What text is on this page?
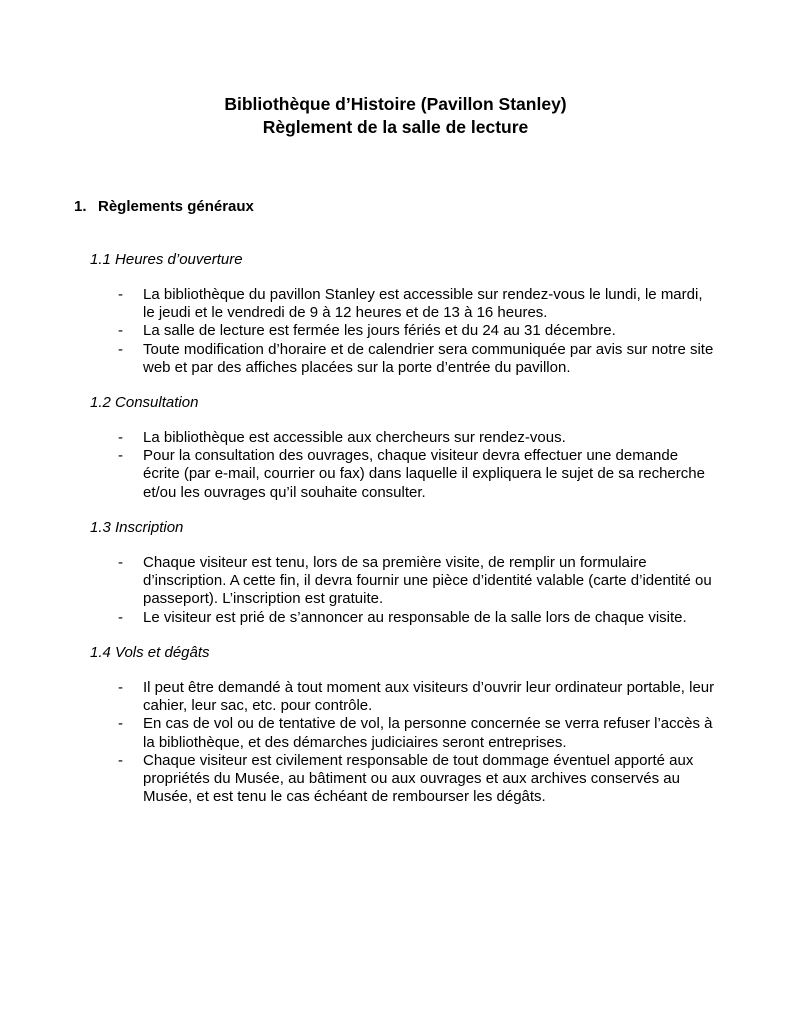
Bibliothèque d’Histoire (Pavillon Stanley)
Règlement de la salle de lecture
1. Règlements généraux
1.1 Heures d’ouverture
- La bibliothèque du pavillon Stanley est accessible sur rendez-vous le lundi, le mardi, le jeudi et le vendredi de 9 à 12 heures et de 13 à 16 heures.
- La salle de lecture est fermée les jours fériés et du 24 au 31 décembre.
- Toute modification d’horaire et de calendrier sera communiquée par avis sur notre site web et par des affiches placées sur la porte d’entrée du pavillon.
1.2 Consultation
- La bibliothèque est accessible aux chercheurs sur rendez-vous.
- Pour la consultation des ouvrages, chaque visiteur devra effectuer une demande écrite (par e-mail, courrier ou fax) dans laquelle il expliquera le sujet de sa recherche et/ou les ouvrages qu’il souhaite consulter.
1.3 Inscription
- Chaque visiteur est tenu, lors de sa première visite, de remplir un formulaire d’inscription. A cette fin, il devra fournir une pièce d’identité valable (carte d’identité ou passeport). L’inscription est gratuite.
- Le visiteur est prié de s’annoncer au responsable de la salle lors de chaque visite.
1.4 Vols et dégâts
- Il peut être demandé à tout moment aux visiteurs d’ouvrir leur ordinateur portable, leur cahier, leur sac, etc. pour contrôle.
- En cas de vol ou de tentative de vol, la personne concernée se verra refuser l’accès à la bibliothèque, et des démarches judiciaires seront entreprises.
- Chaque visiteur est civilement responsable de tout dommage éventuel apporté aux propriétés du Musée, au bâtiment ou aux ouvrages et aux archives conservés au Musée, et est tenu le cas échéant de rembourser les dégâts.
